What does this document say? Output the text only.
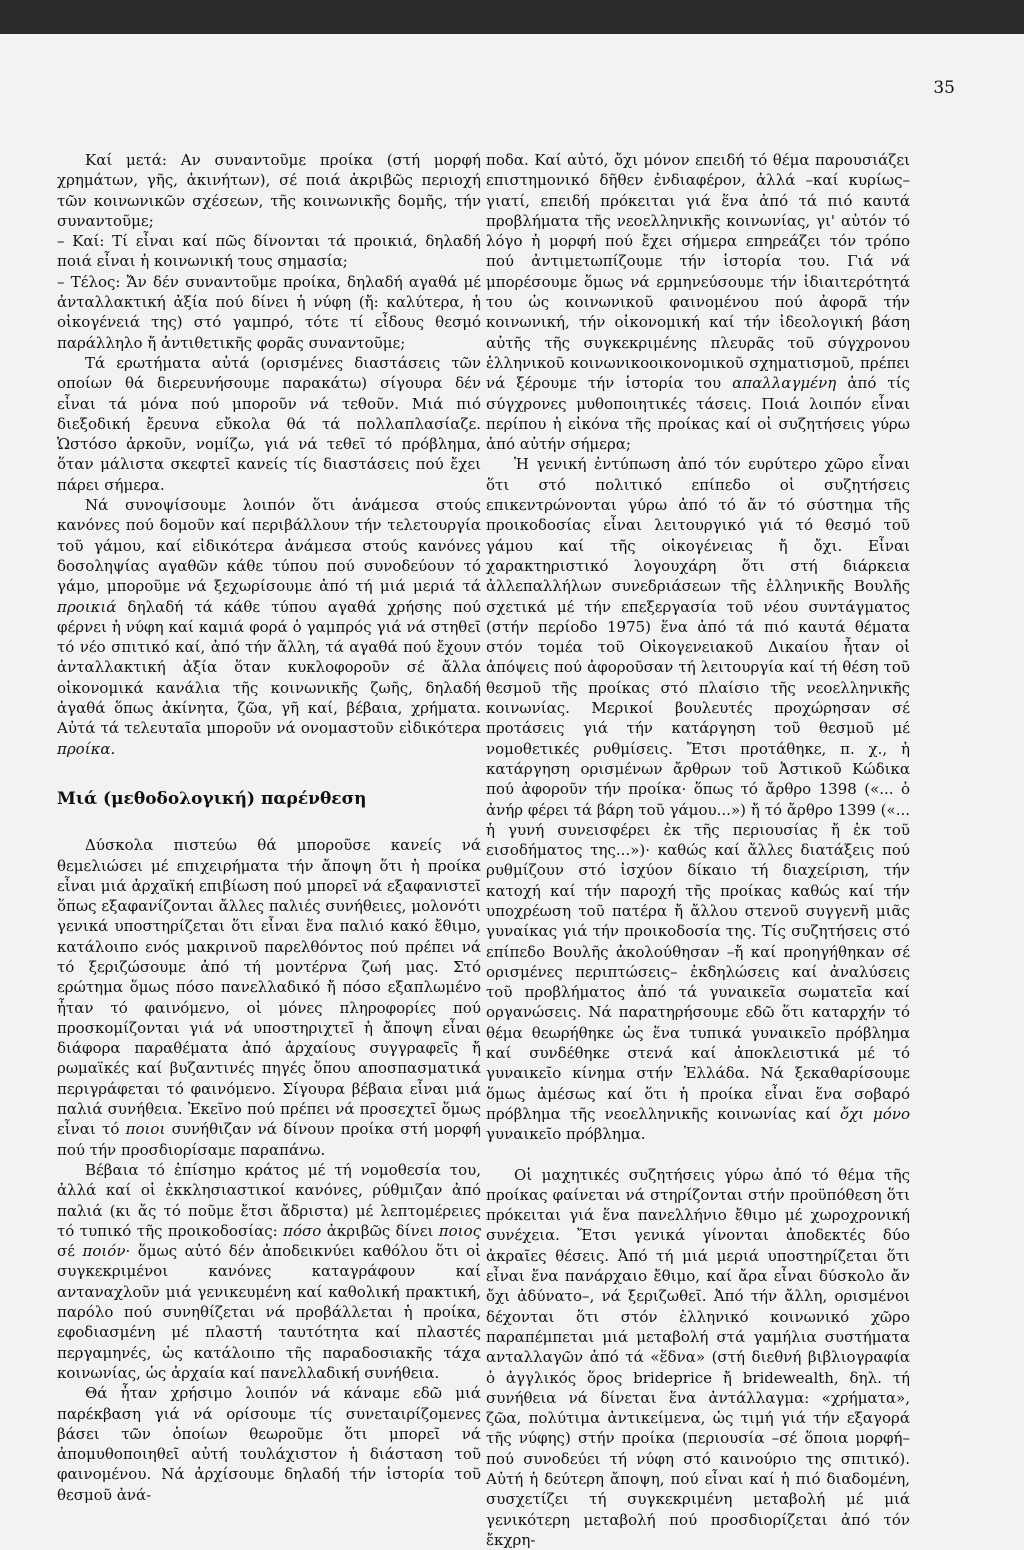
35

Καί μετά: Αν συναντοῦμε προίκα (στή μορφή χρημάτων, γῆς, ἀκινήτων), σέ ποιά ἀκριβῶς περιοχή τῶν κοινωνικῶν σχέσεων, τῆς κοινωνικῆς δομῆς, τήν συναντοῦμε;

– Καί: Τί εἶναι καί πῶς δίνονται τά προικιά, δηλαδή ποιά εἶναι ἡ κοινωνική τους σημασία;

– Τέλος: Ἄν δέν συναντοῦμε προίκα, δηλαδή αγαθά μέ ἀνταλλακτική ἀξία πού δίνει ἡ νύφη (ἤ: καλύτερα, ἡ οἰκογένειά της) στό γαμπρό, τότε τί εἶδους θεσμό παράλληλο ἤ ἀντιθετικῆς φορᾶς συναντοῦμε;

Τά ερωτήματα αὐτά (ορισμένες διαστάσεις τῶν οποίων θά διερευνήσουμε παρακάτω) σίγουρα δέν εἶναι τά μόνα πού μποροῦν νά τεθοῦν. Μιά πιό διεξοδική ἔρευνα εὔκολα θά τά πολλαπλασίαζε. Ὡστόσο ἀρκοῦν, νομίζω, γιά νά τεθεῖ τό πρόβλημα, ὅταν μάλιστα σκεφτεῖ κανείς τίς διαστάσεις πού ἔχει πάρει σήμερα.

Νά συνοψίσουμε λοιπόν ὅτι ἀνάμεσα στούς κανόνες πού δομοῦν καί περιβάλλουν τήν τελετουργία τοῦ γάμου, καί εἰδικότερα ἀνάμεσα στούς κανόνες δοσοληψίας αγαθῶν κάθε τύπου πού συνοδεύουν τό γάμο, μποροῦμε νά ξεχωρίσουμε ἀπό τή μιά μεριά τά προικιά δηλαδή τά κάθε τύπου αγαθά χρήσης πού φέρνει ἡ νύφη καί καμιά φορά ὁ γαμπρός γιά νά στηθεῖ τό νέο σπιτικό καί, ἀπό τήν ἄλλη, τά αγαθά πού ἔχουν ἀνταλλακτική ἀξία ὅταν κυκλοφοροῦν σέ ἄλλα οἰκονομικά κανάλια τῆς κοινωνικῆς ζωῆς, δηλαδή ἀγαθά ὅπως ἀκίνητα, ζῶα, γῆ καί, βέβαια, χρήματα. Αὐτά τά τελευταῖα μποροῦν νά ονομαστοῦν εἰδικότερα προίκα.

Μιά (μεθοδολογική) παρένθεση

Δύσκολα πιστεύω θά μποροῦσε κανείς νά θεμελιώσει μέ επιχειρήματα τήν ἄποψη ὅτι ἡ προίκα εἶναι μιά ἀρχαϊκή επιβίωση πού μπορεῖ νά εξαφανιστεῖ ὅπως εξαφανίζονται ἄλλες παλιές συνήθειες, μολονότι γενικά υποστηρίζεται ὅτι εἶναι ἕνα παλιό κακό ἔθιμο, κατάλοιπο ενός μακρινοῦ παρελθόντος πού πρέπει νά τό ξεριζώσουμε ἀπό τή μοντέρνα ζωή μας. Στό ερώτημα ὅμως πόσο πανελλαδικό ἤ πόσο εξαπλωμένο ἦταν τό φαινόμενο, οἱ μόνες πληροφορίες πού προσκομίζονται γιά νά υποστηριχτεῖ ἡ ἄποψη εἶναι διάφορα παραθέματα ἀπό ἀρχαίους συγγραφεῖς ἤ ρωμαϊκές καί βυζαντινές πηγές ὅπου αποσπασματικά περιγράφεται τό φαινόμενο. Σίγουρα βέβαια εἶναι μιά παλιά συνήθεια. Ἐκεῖνο πού πρέπει νά προσεχτεῖ ὅμως εἶναι τό ποιοι συνήθιζαν νά δίνουν προίκα στή μορφή πού τήν προσδιορίσαμε παραπάνω.

Βέβαια τό ἐπίσημο κράτος μέ τή νομοθεσία του, ἀλλά καί οἱ ἐκκλησιαστικοί κανόνες, ρύθμιζαν ἀπό παλιά (κι ἄς τό ποῦμε ἔτσι ἄδριστα) μέ λεπτομέρειες τό τυπικό τῆς προικοδοσίας: πόσο ἀκριβῶς δίνει ποιος σέ ποιόν· ὅμως αὐτό δέν ἀποδεικνύει καθόλου ὅτι οἱ συγκεκριμένοι κανόνες καταγράφουν καί ανταναχλοῦν μιά γενικευμένη καί καθολική πρακτική, παρόλο πού συνηθίζεται νά προβάλλεται ἡ προίκα, εφοδιασμένη μέ πλαστή ταυτότητα καί πλαστές περγαμηνές, ὡς κατάλοιπο τῆς παραδοσιακῆς τάχα κοινωνίας, ὡς ἀρχαία καί πανελλαδική συνήθεια.

Θά ἦταν χρήσιμο λοιπόν νά κάναμε εδῶ μιά παρέκβαση γιά νά ορίσουμε τίς συνεταιρίζομενες βάσει τῶν ὁποίων θεωροῦμε ὅτι μπορεῖ νά ἀπομυθοποιηθεῖ αὐτή τουλάχιστον ἡ διάσταση τοῦ φαινομένου. Νά ἀρχίσουμε δηλαδή τήν ἱστορία τοῦ θεσμοῦ ἀνά-

ποδα. Καί αὐτό, ὄχι μόνον επειδή τό θέμα παρουσιάζει επιστημονικό δῆθεν ἐνδιαφέρον, ἀλλά –καί κυρίως– γιατί, επειδή πρόκειται γιά ἕνα ἀπό τά πιό καυτά προβλήματα τῆς νεοελληνικῆς κοινωνίας, γι' αὐτόν τό λόγο ἡ μορφή πού ἔχει σήμερα επηρεάζει τόν τρόπο πού ἀντιμετωπίζουμε τήν ἱστορία του. Γιά νά μπορέσουμε ὅμως νά ερμηνεύσουμε τήν ἰδιαιτερότητά του ὡς κοινωνικοῦ φαινομένου πού ἀφορᾶ τήν κοινωνική, τήν οἰκονομική καί τήν ἰδεολογική βάση αὐτῆς τῆς συγκεκριμένης πλευρᾶς τοῦ σύγχρονου ἑλληνικοῦ κοινωνικοοικονομικοῦ σχηματισμοῦ, πρέπει νά ξέρουμε τήν ἱστορία του απαλλαγμένη ἀπό τίς σύγχρονες μυθοποιητικές τάσεις. Ποιά λοιπόν εἶναι περίπου ἡ εἰκόνα τῆς προίκας καί οἱ συζητήσεις γύρω ἀπό αὐτήν σήμερα;

Ἡ γενική ἐντύπωση ἀπό τόν ευρύτερο χῶρο εἶναι ὅτι στό πολιτικό επίπεδο οἱ συζητήσεις επικεντρώνονται γύρω ἀπό τό ἄν τό σύστημα τῆς προικοδοσίας εἶναι λειτουργικό γιά τό θεσμό τοῦ γάμου καί τῆς οἰκογένειας ἤ ὄχι. Εἶναι χαρακτηριστικό λογουχάρη ὅτι στή διάρκεια ἀλλεπαλλήλων συνεδριάσεων τῆς ἑλληνικῆς Βουλῆς σχετικά μέ τήν επεξεργασία τοῦ νέου συντάγματος (στήν περίοδο 1975) ἕνα ἀπό τά πιό καυτά θέματα στόν τομέα τοῦ Οἰκογενειακοῦ Δικαίου ἦταν οἱ ἀπόψεις πού ἀφοροῦσαν τή λειτουργία καί τή θέση τοῦ θεσμοῦ τῆς προίκας στό πλαίσιο τῆς νεοελληνικῆς κοινωνίας. Μερικοί βουλευτές προχώρησαν σέ προτάσεις γιά τήν κατάργηση τοῦ θεσμοῦ μέ νομοθετικές ρυθμίσεις. Ἔτσι προτάθηκε, π. χ., ἡ κατάργηση ορισμένων ἄρθρων τοῦ Ἀστικοῦ Κώδικα πού ἀφοροῦν τήν προίκα· ὅπως τό ἄρθρο 1398 («... ὁ ἀνήρ φέρει τά βάρη τοῦ γάμου...») ἤ τό ἄρθρο 1399 («... ἡ γυνή συνεισφέρει ἐκ τῆς περιουσίας ἤ ἐκ τοῦ εισοδήματος της...»)· καθώς καί ἄλλες διατάξεις πού ρυθμίζουν στό ἰσχύον δίκαιο τή διαχείριση, τήν κατοχή καί τήν παροχή τῆς προίκας καθώς καί τήν υποχρέωση τοῦ πατέρα ἤ ἄλλου στενοῦ συγγενῆ μιᾶς γυναίκας γιά τήν προικοδοσία της. Τίς συζητήσεις στό επίπεδο Βουλῆς ἀκολούθησαν –ἤ καί προηγήθηκαν σέ ορισμένες περιπτώσεις– ἐκδηλώσεις καί ἀναλύσεις τοῦ προβλήματος ἀπό τά γυναικεῖα σωματεῖα καί οργανώσεις. Νά παρατηρήσουμε εδῶ ὅτι καταρχήν τό θέμα θεωρήθηκε ὡς ἕνα τυπικά γυναικεῖο πρόβλημα καί συνδέθηκε στενά καί ἀποκλειστικά μέ τό γυναικεῖο κίνημα στήν Ἑλλάδα. Νά ξεκαθαρίσουμε ὅμως ἀμέσως καί ὅτι ἡ προίκα εἶναι ἕνα σοβαρό πρόβλημα τῆς νεοελληνικῆς κοινωνίας καί ὄχι μόνο γυναικεῖο πρόβλημα.

Οἱ μαχητικές συζητήσεις γύρω ἀπό τό θέμα τῆς προίκας φαίνεται νά στηρίζονται στήν προϋπόθεση ὅτι πρόκειται γιά ἕνα πανελλήνιο ἔθιμο μέ χωροχρονική συνέχεια. Ἔτσι γενικά γίνονται ἀποδεκτές δύο ἀκραῖες θέσεις. Ἀπό τή μιά μεριά υποστηρίζεται ὅτι εἶναι ἕνα πανάρχαιο ἔθιμο, καί ἄρα εἶναι δύσκολο ἄν ὄχι ἀδύνατο–, νά ξεριζωθεῖ. Ἀπό τήν ἄλλη, ορισμένοι δέχονται ὅτι στόν ἑλληνικό κοινωνικό χῶρο παραπέμπεται μιά μεταβολή στά γαμήλια συστήματα ανταλλαγῶν ἀπό τά «ἕδνα» (στή διεθνή βιβλιογραφία ὁ ἀγγλικός ὅρος brideprice ἤ bridewealth, δηλ. τή συνήθεια νά δίνεται ἕνα ἀντάλλαγμα: «χρήματα», ζῶα, πολύτιμα ἀντικείμενα, ὡς τιμή γιά τήν εξαγορά τῆς νύφης) στήν προίκα (περιουσία –σέ ὅποια μορφή– πού συνοδεύει τή νύφη στό καινούριο της σπιτικό). Αὐτή ἡ δεύτερη ἄποψη, πού εἶναι καί ἡ πιό διαδομένη, συσχετίζει τή συγκεκριμένη μεταβολή μέ μιά γενικότερη μεταβολή πού προσδιορίζεται ἀπό τόν ἔκχρη-
